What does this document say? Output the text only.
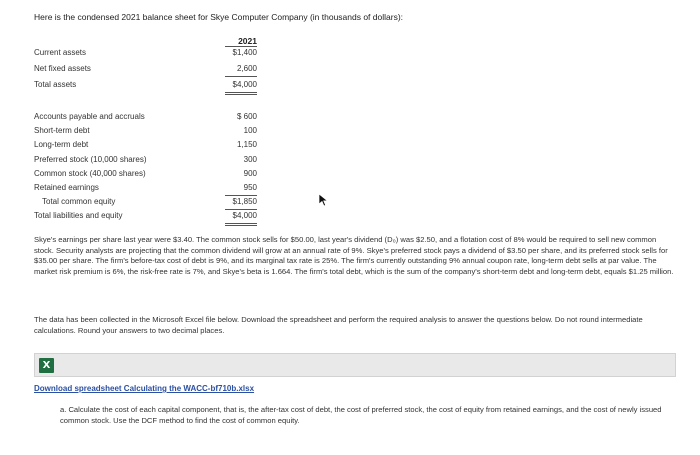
Here is the condensed 2021 balance sheet for Skye Computer Company (in thousands of dollars):
2021
Current assets	$1,400
Net fixed assets	2,600
Total assets	$4,000
Accounts payable and accruals	$ 600
Short-term debt	100
Long-term debt	1,150
Preferred stock (10,000 shares)	300
Common stock (40,000 shares)	900
Retained earnings	950
Total common equity	$1,850
Total liabilities and equity	$4,000
Skye's earnings per share last year were $3.40. The common stock sells for $50.00, last year's dividend (D₀) was $2.50, and a flotation cost of 8% would be required to sell new common stock. Security analysts are projecting that the common dividend will grow at an annual rate of 9%. Skye's preferred stock pays a dividend of $3.50 per share, and its preferred stock sells for $35.00 per share. The firm's before-tax cost of debt is 9%, and its marginal tax rate is 25%. The firm's currently outstanding 9% annual coupon rate, long-term debt sells at par value. The market risk premium is 6%, the risk-free rate is 7%, and Skye's beta is 1.664. The firm's total debt, which is the sum of the company's short-term debt and long-term debt, equals $1.25 million.
The data has been collected in the Microsoft Excel file below. Download the spreadsheet and perform the required analysis to answer the questions below. Do not round intermediate calculations. Round your answers to two decimal places.
X
Download spreadsheet Calculating the WACC-bf710b.xlsx
a. Calculate the cost of each capital component, that is, the after-tax cost of debt, the cost of preferred stock, the cost of equity from retained earnings, and the cost of newly issued common stock. Use the DCF method to find the cost of common equity.
